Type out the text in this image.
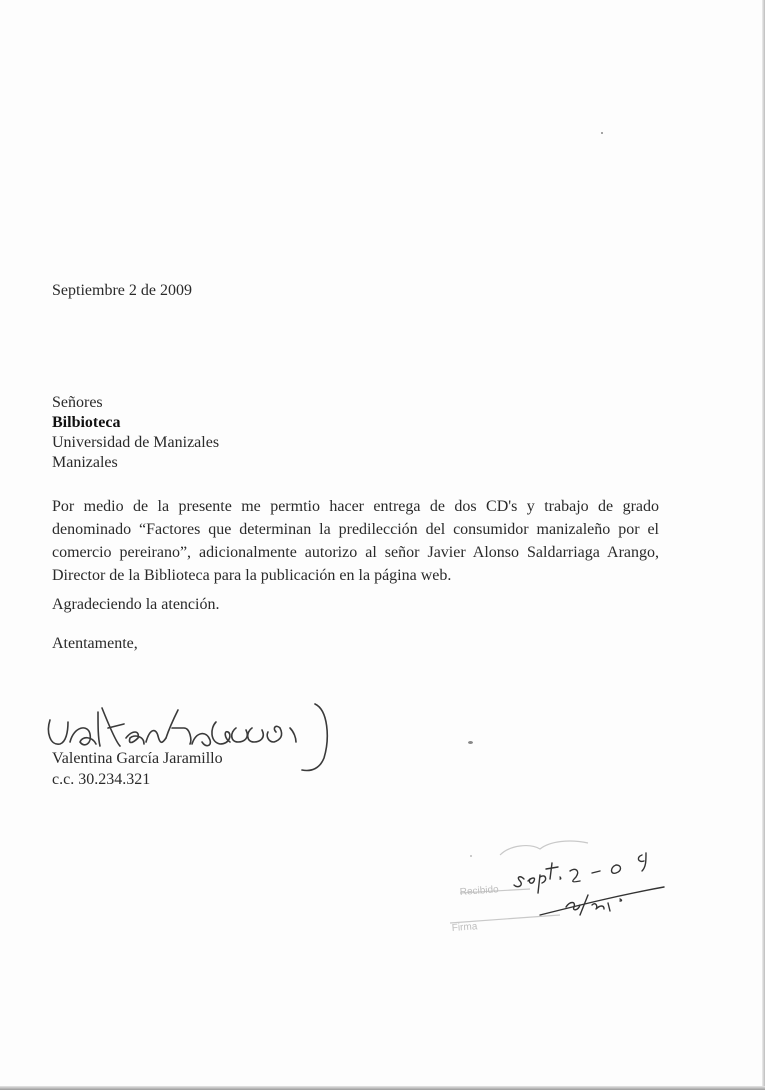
Septiembre 2 de 2009
Señores
Bilbioteca
Universidad de Manizales
Manizales
Por medio de la presente me permtio hacer entrega de dos CD's y trabajo de grado
denominado “Factores que determinan la predilección del consumidor manizaleño por el
comercio pereirano”, adicionalmente autorizo al señor Javier Alonso Saldarriaga Arango,
Director de la Biblioteca para la publicación en la página web.
Agradeciendo la atención.
Atentamente,
Valentina García Jaramillo
c.c. 30.234.321
Firma
Recibido
